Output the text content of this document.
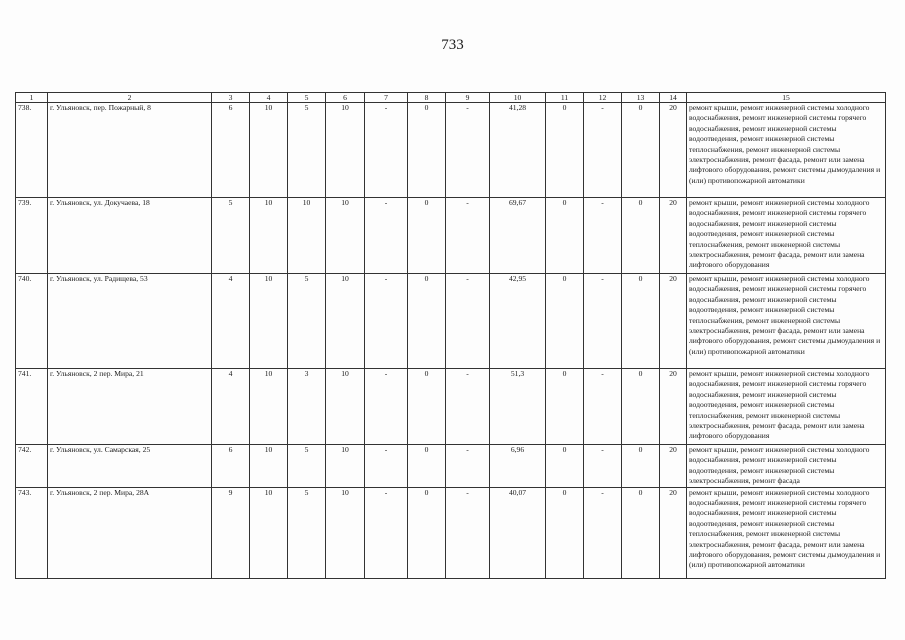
733
1	2	3	4	5	6	7	8	9	10	11	12	13	14	15
738.	г. Ульяновск, пер. Пожарный, 8	6	10	5	10	-	0	-	41,28	0	-	0	20	ремонт крыши, ремонт инженерной системы холодного водоснабжения, ремонт инженерной системы горячего водоснабжения, ремонт инженерной системы водоотведения, ремонт инженерной системы теплоснабжения, ремонт инженерной системы электроснабжения, ремонт фасада, ремонт или замена лифтового оборудования, ремонт системы дымоудаления и (или) противопожарной автоматики
739.	г. Ульяновск, ул. Докучаева, 18	5	10	10	10	-	0	-	69,67	0	-	0	20	ремонт крыши, ремонт инженерной системы холодного водоснабжения, ремонт инженерной системы горячего водоснабжения, ремонт инженерной системы водоотведения, ремонт инженерной системы теплоснабжения, ремонт инженерной системы электроснабжения, ремонт фасада, ремонт или замена лифтового оборудования
740.	г. Ульяновск, ул. Радищева, 53	4	10	5	10	-	0	-	42,95	0	-	0	20	ремонт крыши, ремонт инженерной системы холодного водоснабжения, ремонт инженерной системы горячего водоснабжения, ремонт инженерной системы водоотведения, ремонт инженерной системы теплоснабжения, ремонт инженерной системы электроснабжения, ремонт фасада, ремонт или замена лифтового оборудования, ремонт системы дымоудаления и (или) противопожарной автоматики
741.	г. Ульяновск, 2 пер. Мира, 21	4	10	3	10	-	0	-	51,3	0	-	0	20	ремонт крыши, ремонт инженерной системы холодного водоснабжения, ремонт инженерной системы горячего водоснабжения, ремонт инженерной системы водоотведения, ремонт инженерной системы теплоснабжения, ремонт инженерной системы электроснабжения, ремонт фасада, ремонт или замена лифтового оборудования
742.	г. Ульяновск, ул. Самарская, 25	6	10	5	10	-	0	-	6,96	0	-	0	20	ремонт крыши, ремонт инженерной системы холодного водоснабжения, ремонт инженерной системы водоотведения, ремонт инженерной системы электроснабжения, ремонт фасада
743.	г. Ульяновск, 2 пер. Мира, 28А	9	10	5	10	-	0	-	40,07	0	-	0	20	ремонт крыши, ремонт инженерной системы холодного водоснабжения, ремонт инженерной системы горячего водоснабжения, ремонт инженерной системы водоотведения, ремонт инженерной системы теплоснабжения, ремонт инженерной системы электроснабжения, ремонт фасада, ремонт или замена лифтового оборудования, ремонт системы дымоудаления и (или) противопожарной автоматики
